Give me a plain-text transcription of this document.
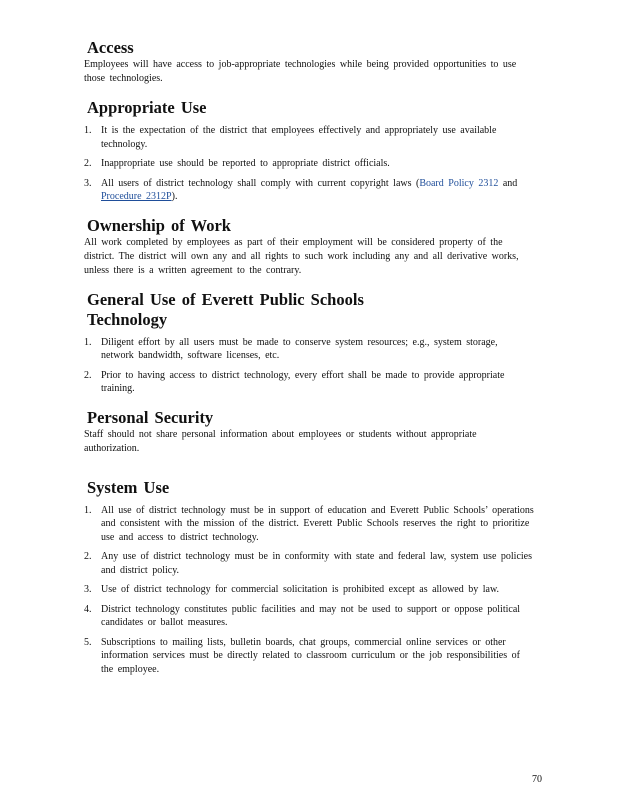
Access

Employees will have access to job-appropriate technologies while being provided opportunities to use those technologies.

Appropriate Use
1. It is the expectation of the district that employees effectively and appropriately use available technology.
2. Inappropriate use should be reported to appropriate district officials.
3. All users of district technology shall comply with current copyright laws (Board Policy 2312 and Procedure 2312P).
Ownership of Work

All work completed by employees as part of their employment will be considered property of the district. The district will own any and all rights to such work including any and all derivative works, unless there is a written agreement to the contrary.

General Use of Everett Public Schools Technology
1. Diligent effort by all users must be made to conserve system resources; e.g., system storage, network bandwidth, software licenses, etc.
2. Prior to having access to district technology, every effort shall be made to provide appropriate training.
Personal Security

Staff should not share personal information about employees or students without appropriate authorization.

System Use
1. All use of district technology must be in support of education and Everett Public Schools’ operations and consistent with the mission of the district. Everett Public Schools reserves the right to prioritize use and access to district technology.
2. Any use of district technology must be in conformity with state and federal law, system use policies and district policy.
3. Use of district technology for commercial solicitation is prohibited except as allowed by law.
4. District technology constitutes public facilities and may not be used to support or oppose political candidates or ballot measures.
5. Subscriptions to mailing lists, bulletin boards, chat groups, commercial online services or other information services must be directly related to classroom curriculum or the job responsibilities of the employee.
70
